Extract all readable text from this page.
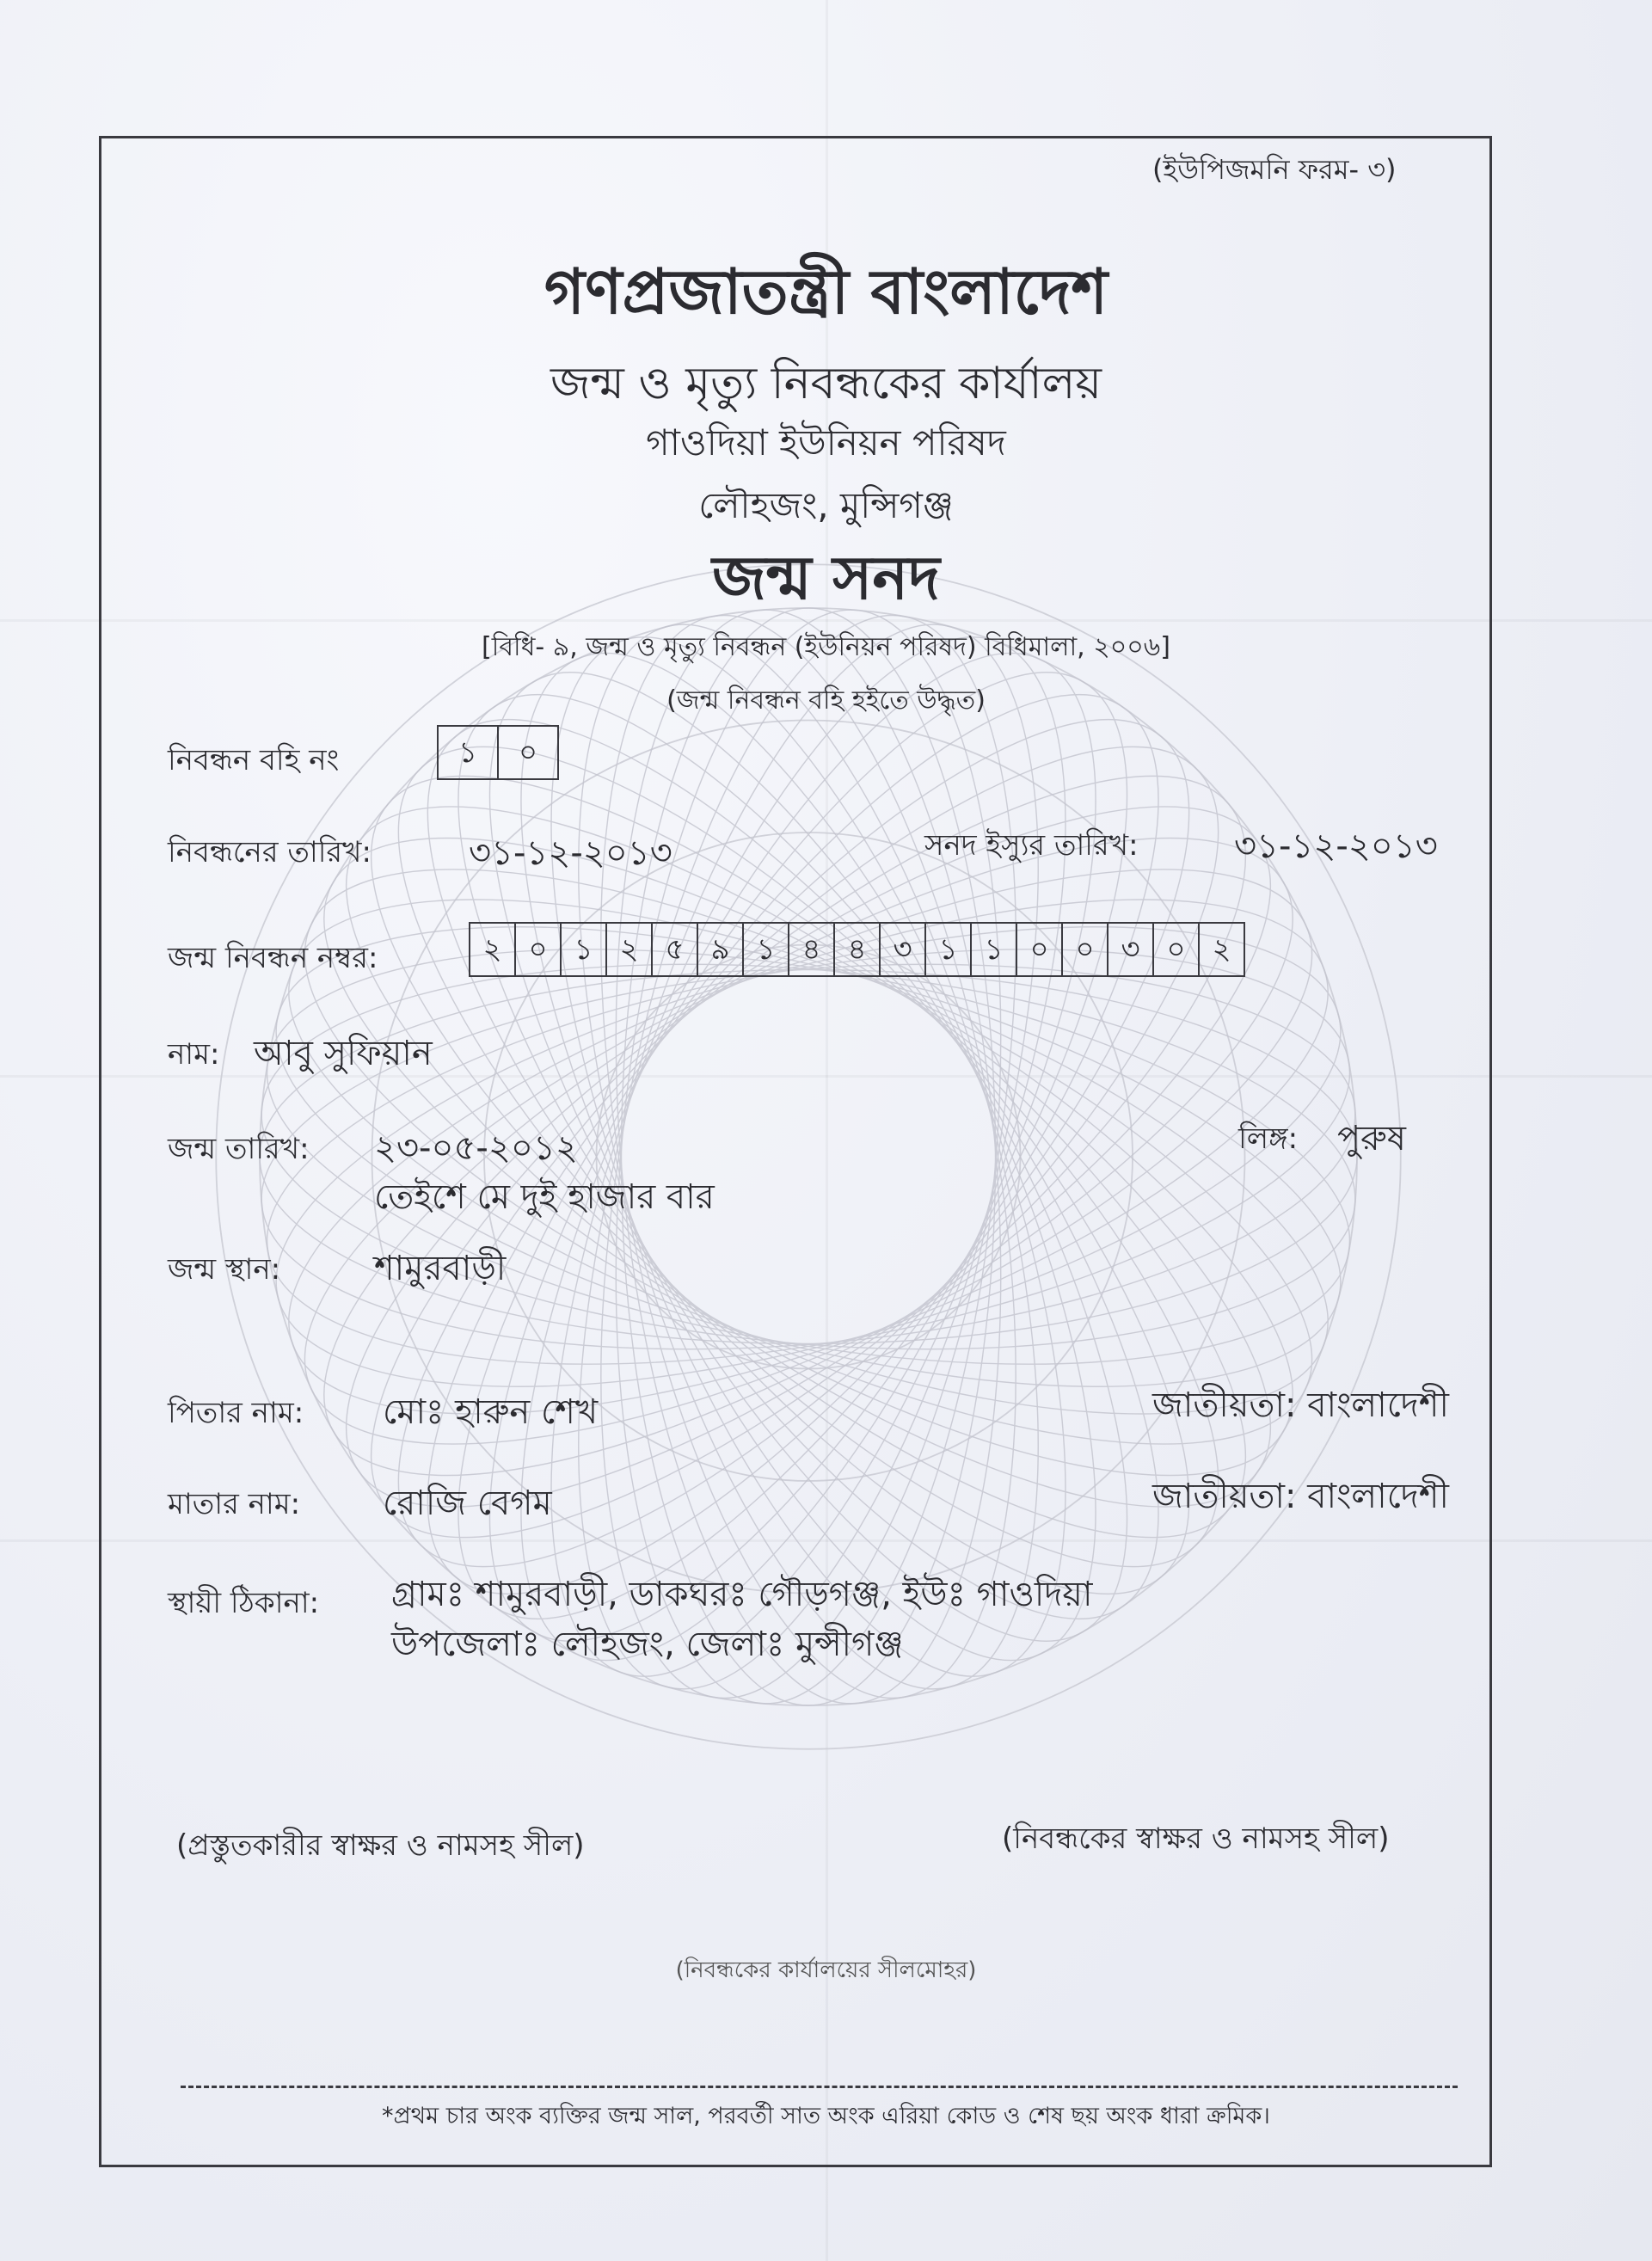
(ইউপিজমনি ফরম- ৩)
গণপ্রজাতন্ত্রী বাংলাদেশ
জন্ম ও মৃত্যু নিবন্ধকের কার্যালয়
গাওদিয়া ইউনিয়ন পরিষদ
লৌহজং, মুন্সিগঞ্জ
জন্ম সনদ
[বিধি- ৯, জন্ম ও মৃত্যু নিবন্ধন (ইউনিয়ন পরিষদ) বিধিমালা, ২০০৬]
(জন্ম নিবন্ধন বহি হইতে উদ্ধৃত)
নিবন্ধন বহি নং	১	০
নিবন্ধনের তারিখ:	৩১-১২-২০১৩	সনদ ইস্যুর তারিখ:	৩১-১২-২০১৩
জন্ম নিবন্ধন নম্বর:	২ ০ ১ ২ ৫ ৯ ১ ৪ ৪ ৩ ১ ১ ০ ০ ৩ ০ ২
নাম: আবু সুফিয়ান
জন্ম তারিখ: ২৩-০৫-২০১২
তেইশে মে দুই হাজার বার
লিঙ্গ: পুরুষ
জন্ম স্থান:	শামুরবাড়ী
পিতার নাম: মোঃ হারুন শেখ	জাতীয়তা: বাংলাদেশী
মাতার নাম: রোজি বেগম	জাতীয়তা: বাংলাদেশী
স্থায়ী ঠিকানা: গ্রামঃ শামুরবাড়ী, ডাকঘরঃ গৌড়গঞ্জ, ইউঃ গাওদিয়া
উপজেলাঃ লৌহজং, জেলাঃ মুন্সীগঞ্জ
(প্রস্তুতকারীর স্বাক্ষর ও নামসহ সীল)	(নিবন্ধকের স্বাক্ষর ও নামসহ সীল)
(নিবন্ধকের কার্যালয়ের সীলমোহর)
*প্রথম চার অংক ব্যক্তির জন্ম সাল, পরবর্তী সাত অংক এরিয়া কোড ও শেষ ছয় অংক ধারা ক্রমিক।
